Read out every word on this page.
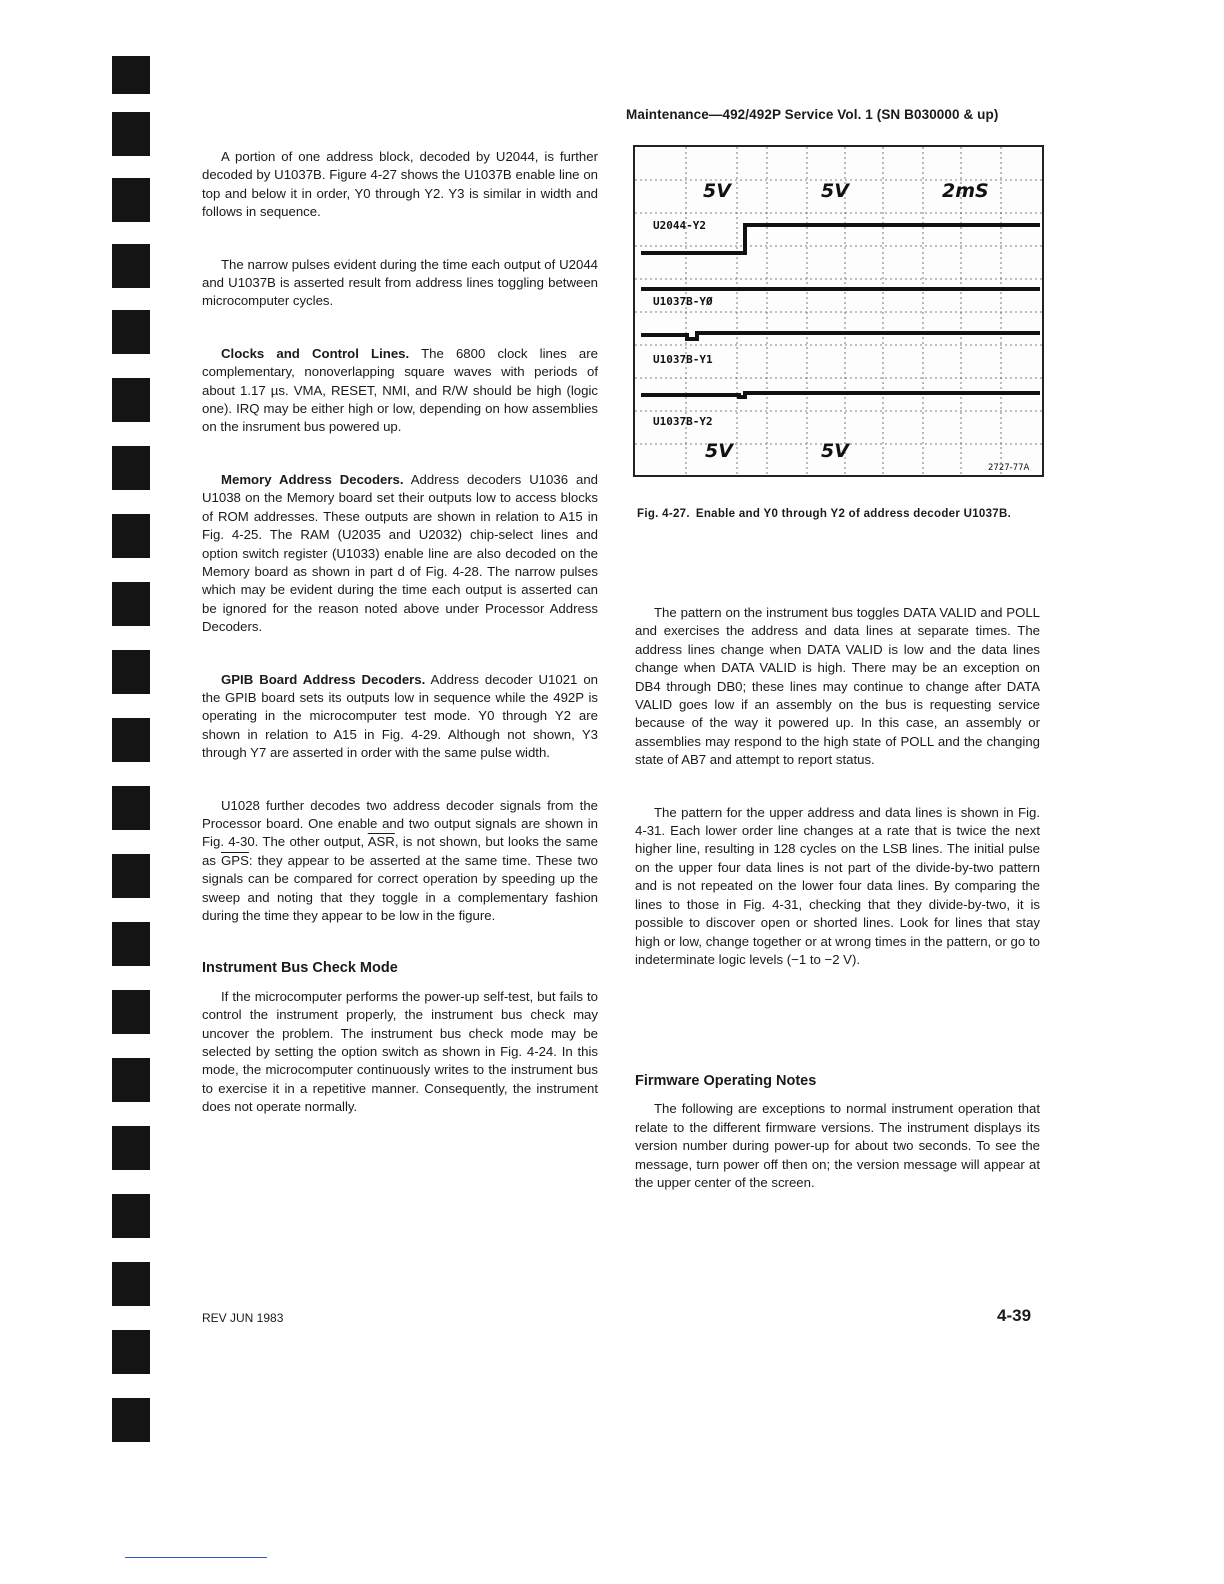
Maintenance—492/492P Service Vol. 1 (SN B030000 & up)

A portion of one address block, decoded by U2044, is further decoded by U1037B. Figure 4-27 shows the U1037B enable line on top and below it in order, Y0 through Y2. Y3 is similar in width and follows in sequence.

The narrow pulses evident during the time each output of U2044 and U1037B is asserted result from address lines toggling between microcomputer cycles.

Clocks and Control Lines. The 6800 clock lines are complementary, nonoverlapping square waves with periods of about 1.17 µs. VMA, RESET, NMI, and R/W should be high (logic one). IRQ may be either high or low, depending on how assemblies on the insrument bus powered up.

Memory Address Decoders. Address decoders U1036 and U1038 on the Memory board set their outputs low to access blocks of ROM addresses. These outputs are shown in relation to A15 in Fig. 4-25. The RAM (U2035 and U2032) chip-select lines and option switch register (U1033) enable line are also decoded on the Memory board as shown in part d of Fig. 4-28. The narrow pulses which may be evident during the time each output is asserted can be ignored for the reason noted above under Processor Address Decoders.

GPIB Board Address Decoders. Address decoder U1021 on the GPIB board sets its outputs low in sequence while the 492P is operating in the microcomputer test mode. Y0 through Y2 are shown in relation to A15 in Fig. 4-29. Although not shown, Y3 through Y7 are asserted in order with the same pulse width.

U1028 further decodes two address decoder signals from the Processor board. One enable and two output signals are shown in Fig. 4-30. The other output, $\overline{ASR}$, is not shown, but looks the same as $\overline{GPS}$: they appear to be asserted at the same time. These two signals can be compared for correct operation by speeding up the sweep and noting that they toggle in a complementary fashion during the time they appear to be low in the figure.

Instrument Bus Check Mode

If the microcomputer performs the power-up self-test, but fails to control the instrument properly, the instrument bus check may uncover the problem. The instrument bus check mode may be selected by setting the option switch as shown in Fig. 4-24. In this mode, the microcomputer continuously writes to the instrument bus to exercise it in a repetitive manner. Consequently, the instrument does not operate normally.

U2044-Y2
U1037B-YØ
U1037B-Y1
U1037B-Y2
5V	5V	2mS
5V	5V
2727-77A
Fig. 4-27. Enable and Y0 through Y2 of address decoder U1037B.

The pattern on the instrument bus toggles DATA VALID and POLL and exercises the address and data lines at separate times. The address lines change when DATA VALID is low and the data lines change when DATA VALID is high. There may be an exception on DB4 through DB0; these lines may continue to change after DATA VALID goes low if an assembly on the bus is requesting service because of the way it powered up. In this case, an assembly or assemblies may respond to the high state of POLL and the changing state of AB7 and attempt to report status.

The pattern for the upper address and data lines is shown in Fig. 4-31. Each lower order line changes at a rate that is twice the next higher line, resulting in 128 cycles on the LSB lines. The initial pulse on the upper four data lines is not part of the divide-by-two pattern and is not repeated on the lower four data lines. By comparing the lines to those in Fig. 4-31, checking that they divide-by-two, it is possible to discover open or shorted lines. Look for lines that stay high or low, change together or at wrong times in the pattern, or go to indeterminate logic levels (−1 to −2 V).

Firmware Operating Notes

The following are exceptions to normal instrument operation that relate to the different firmware versions. The instrument displays its version number during power-up for about two seconds. To see the message, turn power off then on; the version message will appear at the upper center of the screen.

REV JUN 1983	4-39
